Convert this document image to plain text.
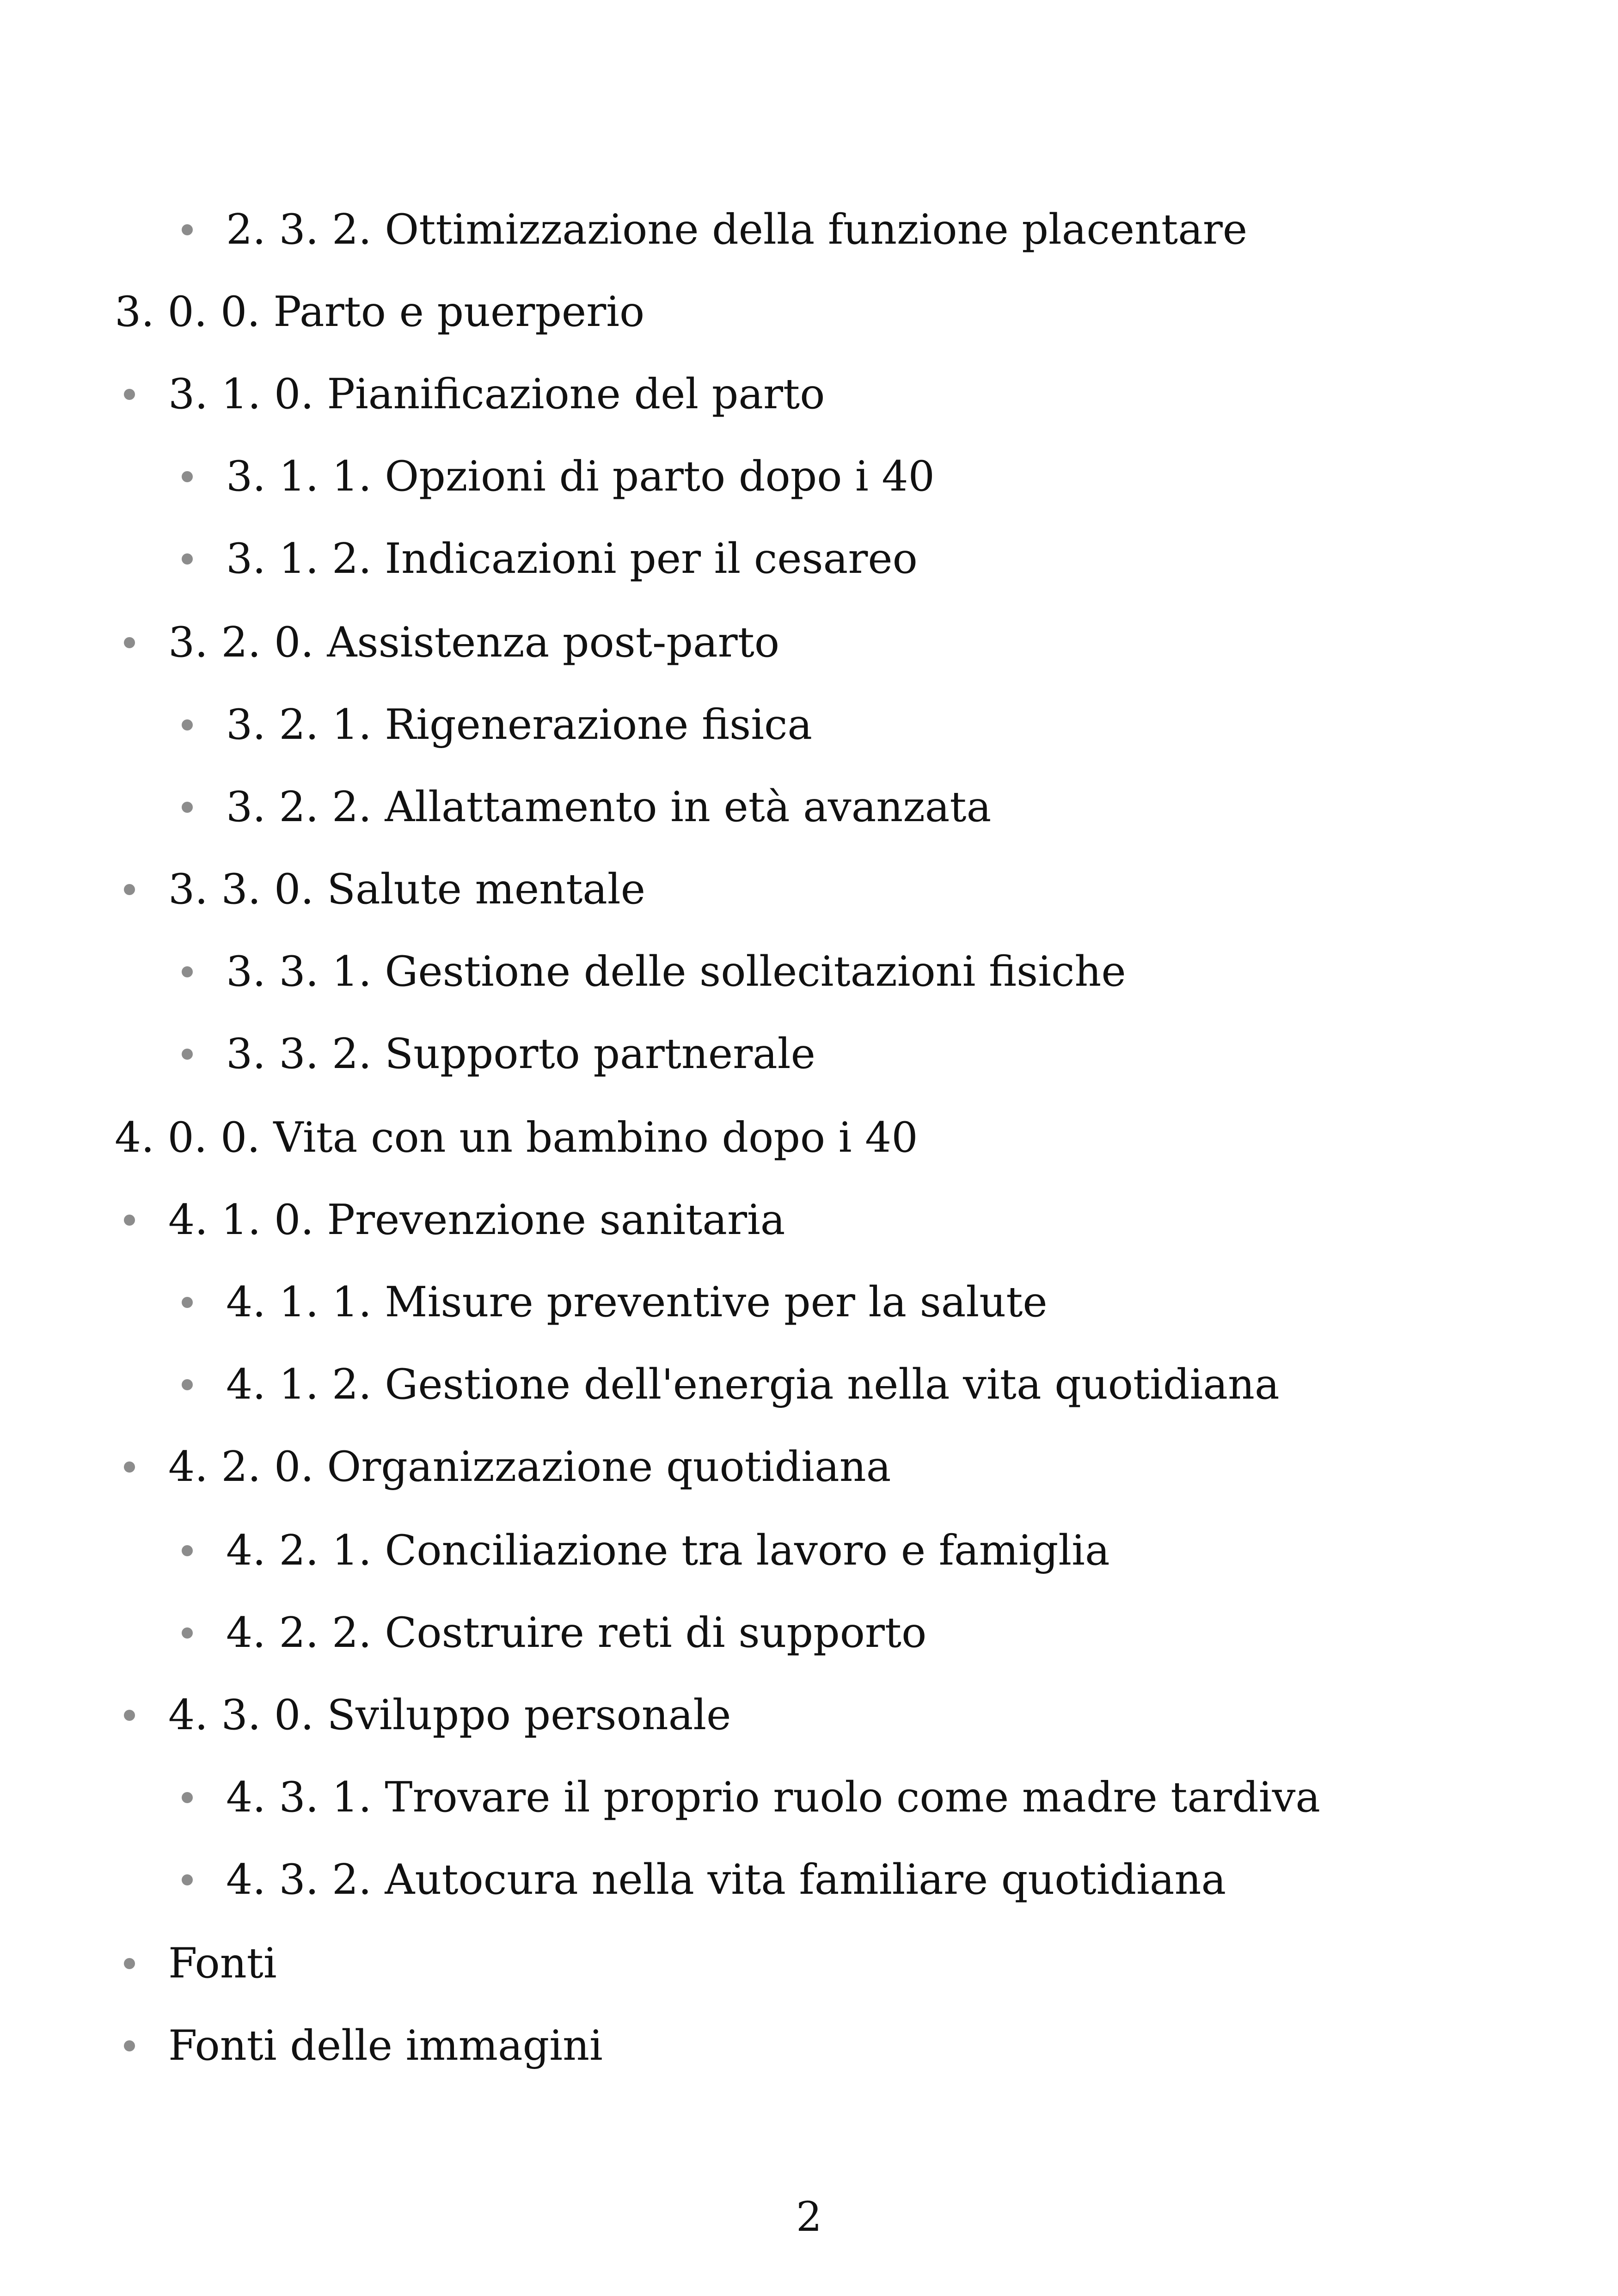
2. 3. 2. Ottimizzazione della funzione placentare
3. 0. 0. Parto e puerperio
3. 1. 0. Pianificazione del parto
3. 1. 1. Opzioni di parto dopo i 40
3. 1. 2. Indicazioni per il cesareo
3. 2. 0. Assistenza post-parto
3. 2. 1. Rigenerazione fisica
3. 2. 2. Allattamento in età avanzata
3. 3. 0. Salute mentale
3. 3. 1. Gestione delle sollecitazioni fisiche
3. 3. 2. Supporto partnerale
4. 0. 0. Vita con un bambino dopo i 40
4. 1. 0. Prevenzione sanitaria
4. 1. 1. Misure preventive per la salute
4. 1. 2. Gestione dell'energia nella vita quotidiana
4. 2. 0. Organizzazione quotidiana
4. 2. 1. Conciliazione tra lavoro e famiglia
4. 2. 2. Costruire reti di supporto
4. 3. 0. Sviluppo personale
4. 3. 1. Trovare il proprio ruolo come madre tardiva
4. 3. 2. Autocura nella vita familiare quotidiana
Fonti
Fonti delle immagini
2
